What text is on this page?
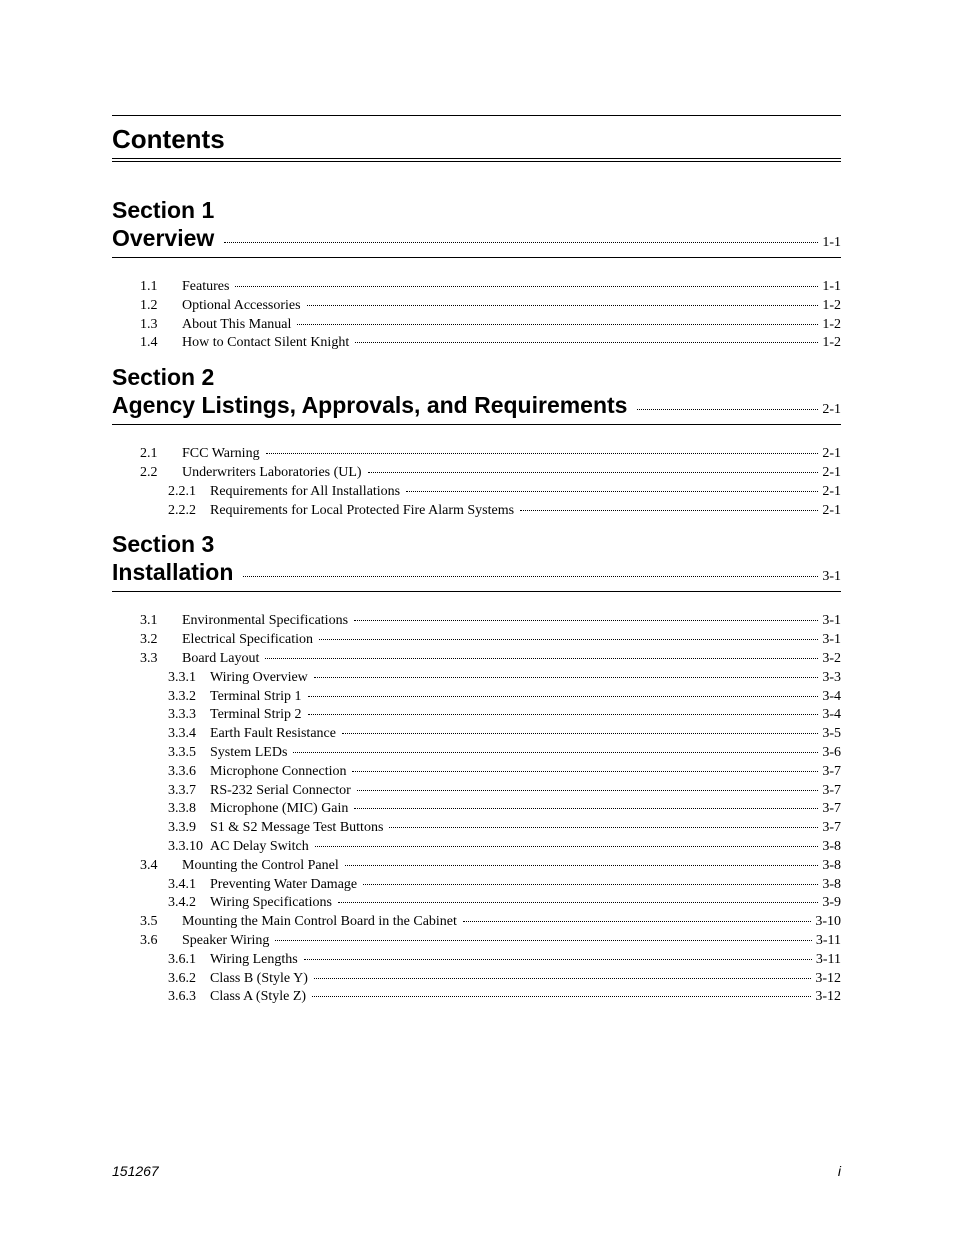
Contents
Section 1
Overview	1-1
1.1	Features	1-1
1.2	Optional Accessories	1-2
1.3	About This Manual	1-2
1.4	How to Contact Silent Knight	1-2
Section 2
Agency Listings, Approvals, and Requirements	2-1
2.1	FCC Warning	2-1
2.2	Underwriters Laboratories (UL)	2-1
2.2.1	Requirements for All Installations	2-1
2.2.2	Requirements for Local Protected Fire Alarm Systems	2-1
Section 3
Installation	3-1
3.1	Environmental Specifications	3-1
3.2	Electrical Specification	3-1
3.3	Board Layout	3-2
3.3.1	Wiring Overview	3-3
3.3.2	Terminal Strip 1	3-4
3.3.3	Terminal Strip 2	3-4
3.3.4	Earth Fault Resistance	3-5
3.3.5	System LEDs	3-6
3.3.6	Microphone Connection	3-7
3.3.7	RS-232 Serial Connector	3-7
3.3.8	Microphone (MIC) Gain	3-7
3.3.9	S1 & S2 Message Test Buttons	3-7
3.3.10 AC Delay Switch	3-8
3.4	Mounting the Control Panel	3-8
3.4.1	Preventing Water Damage	3-8
3.4.2	Wiring Specifications	3-9
3.5	Mounting the Main Control Board in the Cabinet	3-10
3.6	Speaker Wiring	3-11
3.6.1	Wiring Lengths	3-11
3.6.2	Class B (Style Y)	3-12
3.6.3	Class A (Style Z)	3-12
151267	i
